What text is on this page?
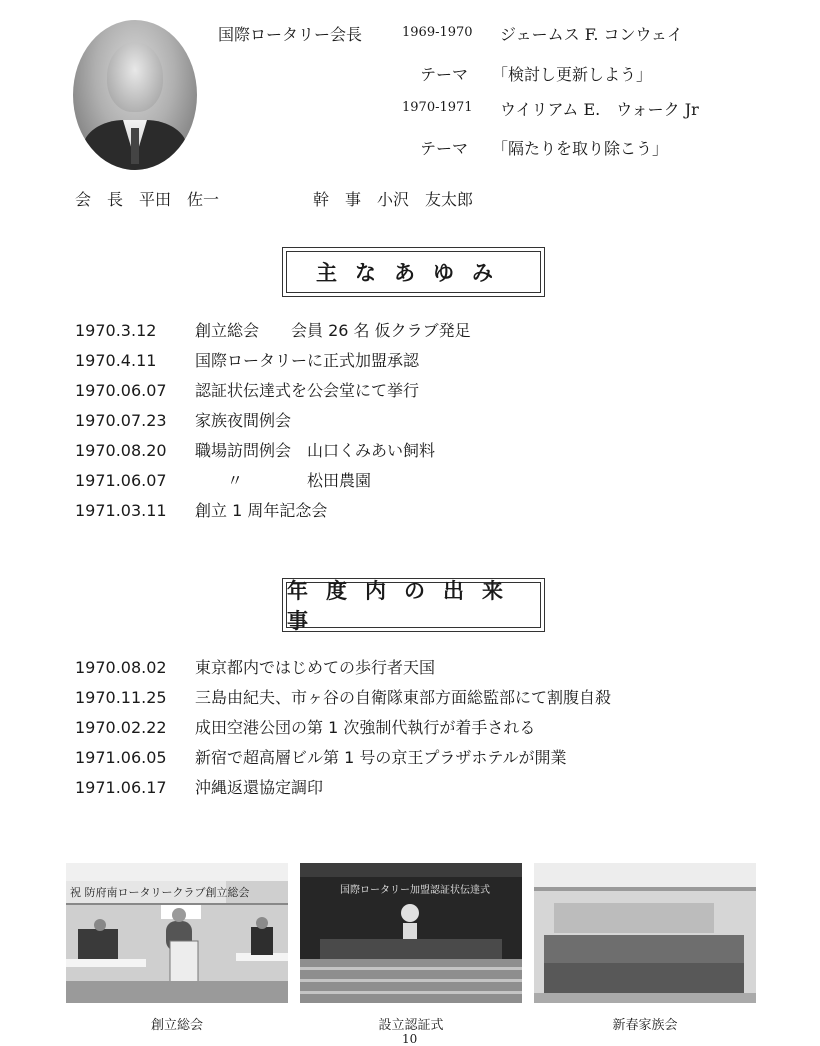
国際ロータリー会長	1969-1970 ジェームス F. コンウェイ
テーマ 「検討し更新しよう」
1970-1971 ウイリアム E.　ウォーク Jr
テーマ 「隔たりを取り除こう」
会　長　平田　佐一	幹　事　小沢　友太郎
主なあゆみ
1970.3.12 創立総会　　会員 26 名 仮クラブ発足
1970.4.11 国際ロータリーに正式加盟承認
1970.06.07 認証状伝達式を公会堂にて挙行
1970.07.23 家族夜間例会
1970.08.20 職場訪問例会　山口くみあい飼料
1971.06.07　　〃　　　　松田農園
1971.03.11 創立 1 周年記念会
年度内の出来事
1970.08.02 東京都内ではじめての歩行者天国
1970.11.25 三島由紀夫、市ヶ谷の自衛隊東部方面総監部にて割腹自殺
1970.02.22 成田空港公団の第 1 次強制代執行が着手される
1971.06.05 新宿で超高層ビル第 1 号の京王プラザホテルが開業
1971.06.17 沖縄返還協定調印
祝 防府南ロータリークラブ創立総会
創立総会
国際ロータリー加盟認証状伝達式
設立認証式	新春家族会
10
